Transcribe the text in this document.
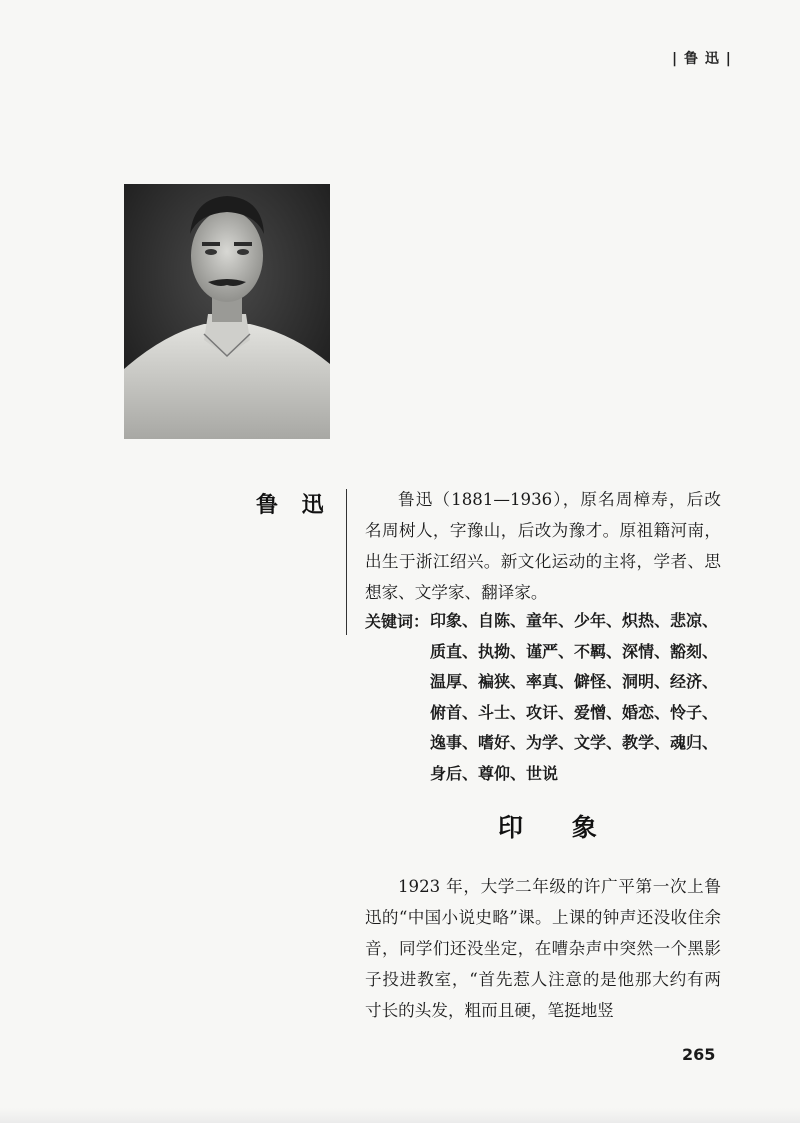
| 鲁 迅 |
鲁 迅	鲁迅（1881—1936），原名周樟寿，后改名周树人，字豫山，后改为豫才。原祖籍河南，出生于浙江绍兴。新文化运动的主将，学者、思想家、文学家、翻译家。
关键词： 印象、自陈、童年、少年、炽热、悲凉、质直、执拗、谨严、不羁、深情、豁刻、温厚、褊狭、率真、僻怪、洞明、经济、俯首、斗士、攻讦、爱憎、婚恋、怜子、逸事、嗜好、为学、文学、教学、魂归、身后、尊仰、世说
印 象
1923 年，大学二年级的许广平第一次上鲁迅的“中国小说史略”课。上课的钟声还没收住余音，同学们还没坐定，在嘈杂声中突然一个黑影子投进教室，“首先惹人注意的是他那大约有两寸长的头发，粗而且硬，笔挺地竖
265
